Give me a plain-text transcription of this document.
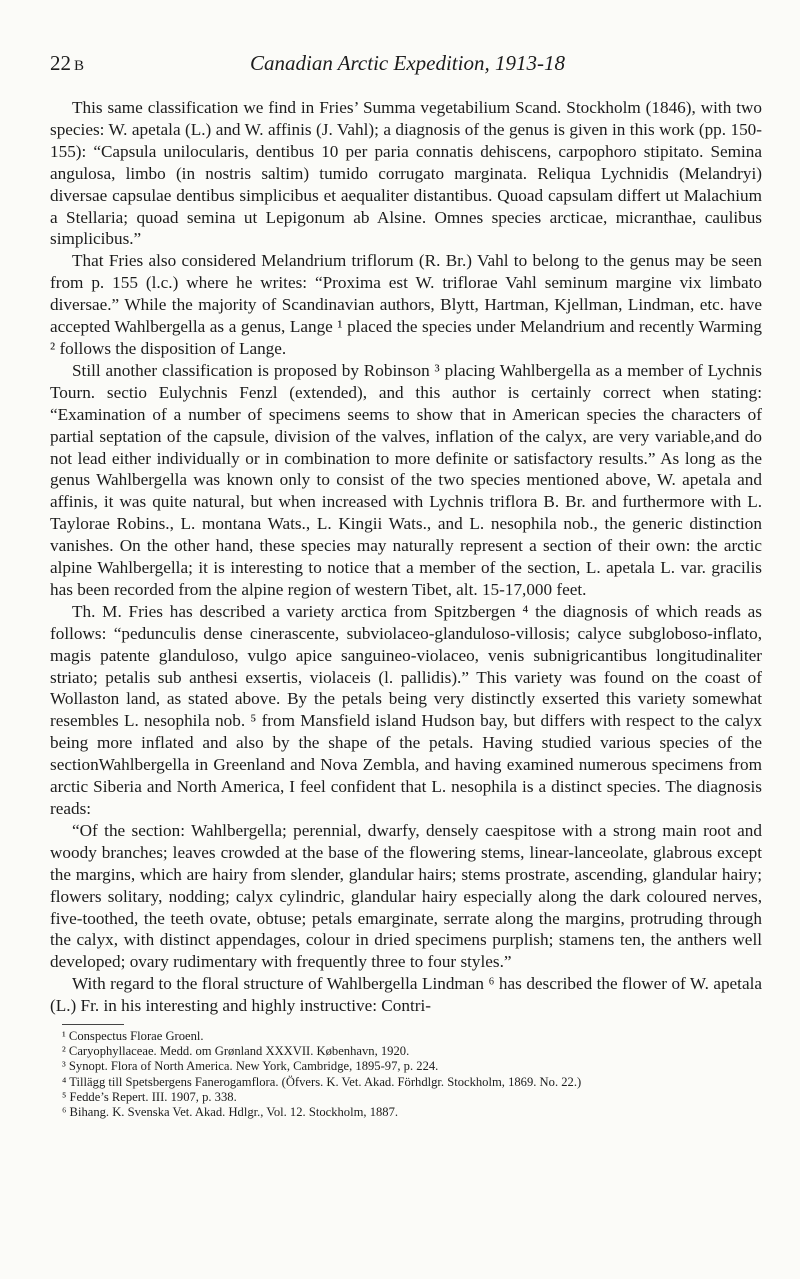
22 B	Canadian Arctic Expedition, 1913-18

This same classification we find in Fries’ Summa vegetabilium Scand. Stockholm (1846), with two species: W. apetala (L.) and W. affinis (J. Vahl); a diagnosis of the genus is given in this work (pp. 150-155): “Capsula unilocularis, dentibus 10 per paria connatis dehiscens, carpophoro stipitato. Semina angulosa, limbo (in nostris saltim) tumido corrugato marginata. Reliqua Lychnidis (Melandryi) diversae capsulae dentibus simplicibus et aequaliter distantibus. Quoad capsulam differt ut Malachium a Stellaria; quoad semina ut Lepigonum ab Alsine. Omnes species arcticae, micranthae, caulibus simplicibus.”

That Fries also considered Melandrium triflorum (R. Br.) Vahl to belong to the genus may be seen from p. 155 (l.c.) where he writes: “Proxima est W. triflorae Vahl seminum margine vix limbato diversae.” While the majority of Scandinavian authors, Blytt, Hartman, Kjellman, Lindman, etc. have accepted Wahlbergella as a genus, Lange ¹ placed the species under Melandrium and recently Warming ² follows the disposition of Lange.

Still another classification is proposed by Robinson ³ placing Wahlbergella as a member of Lychnis Tourn. sectio Eulychnis Fenzl (extended), and this author is certainly correct when stating: “Examination of a number of specimens seems to show that in American species the characters of partial septation of the capsule, division of the valves, inflation of the calyx, are very variable,and do not lead either individually or in combination to more definite or satisfactory results.” As long as the genus Wahlbergella was known only to consist of the two species mentioned above, W. apetala and affinis, it was quite natural, but when increased with Lychnis triflora B. Br. and furthermore with L. Taylorae Robins., L. montana Wats., L. Kingii Wats., and L. nesophila nob., the generic distinction vanishes. On the other hand, these species may naturally represent a section of their own: the arctic alpine Wahlbergella; it is interesting to notice that a member of the section, L. apetala L. var. gracilis has been recorded from the alpine region of western Tibet, alt. 15-17,000 feet.

Th. M. Fries has described a variety arctica from Spitzbergen ⁴ the diagnosis of which reads as follows: “pedunculis dense cinerascente, subviolaceo-glanduloso-villosis; calyce subgloboso-inflato, magis patente glanduloso, vulgo apice sanguineo-violaceo, venis subnigricantibus longitudinaliter striato; petalis sub anthesi exsertis, violaceis (l. pallidis).” This variety was found on the coast of Wollaston land, as stated above. By the petals being very distinctly exserted this variety somewhat resembles L. nesophila nob. ⁵ from Mansfield island Hudson bay, but differs with respect to the calyx being more inflated and also by the shape of the petals. Having studied various species of the sectionWahlbergella in Greenland and Nova Zembla, and having examined numerous specimens from arctic Siberia and North America, I feel confident that L. nesophila is a distinct species. The diagnosis reads:

“Of the section: Wahlbergella; perennial, dwarfy, densely caespitose with a strong main root and woody branches; leaves crowded at the base of the flowering stems, linear-lanceolate, glabrous except the margins, which are hairy from slender, glandular hairs; stems prostrate, ascending, glandular hairy; flowers solitary, nodding; calyx cylindric, glandular hairy especially along the dark coloured nerves, five-toothed, the teeth ovate, obtuse; petals emarginate, serrate along the margins, protruding through the calyx, with distinct appendages, colour in dried specimens purplish; stamens ten, the anthers well developed; ovary rudimentary with frequently three to four styles.”

With regard to the floral structure of Wahlbergella Lindman ⁶ has described the flower of W. apetala (L.) Fr. in his interesting and highly instructive: Contri-

¹ Conspectus Florae Groenl.
² Caryophyllaceae. Medd. om Grønland XXXVII. København, 1920.
³ Synopt. Flora of North America. New York, Cambridge, 1895-97, p. 224.
⁴ Tillägg till Spetsbergens Fanerogamflora. (Öfvers. K. Vet. Akad. Förhdlgr. Stockholm, 1869. No. 22.)
⁵ Fedde’s Repert. III. 1907, p. 338.
⁶ Bihang. K. Svenska Vet. Akad. Hdlgr., Vol. 12. Stockholm, 1887.
